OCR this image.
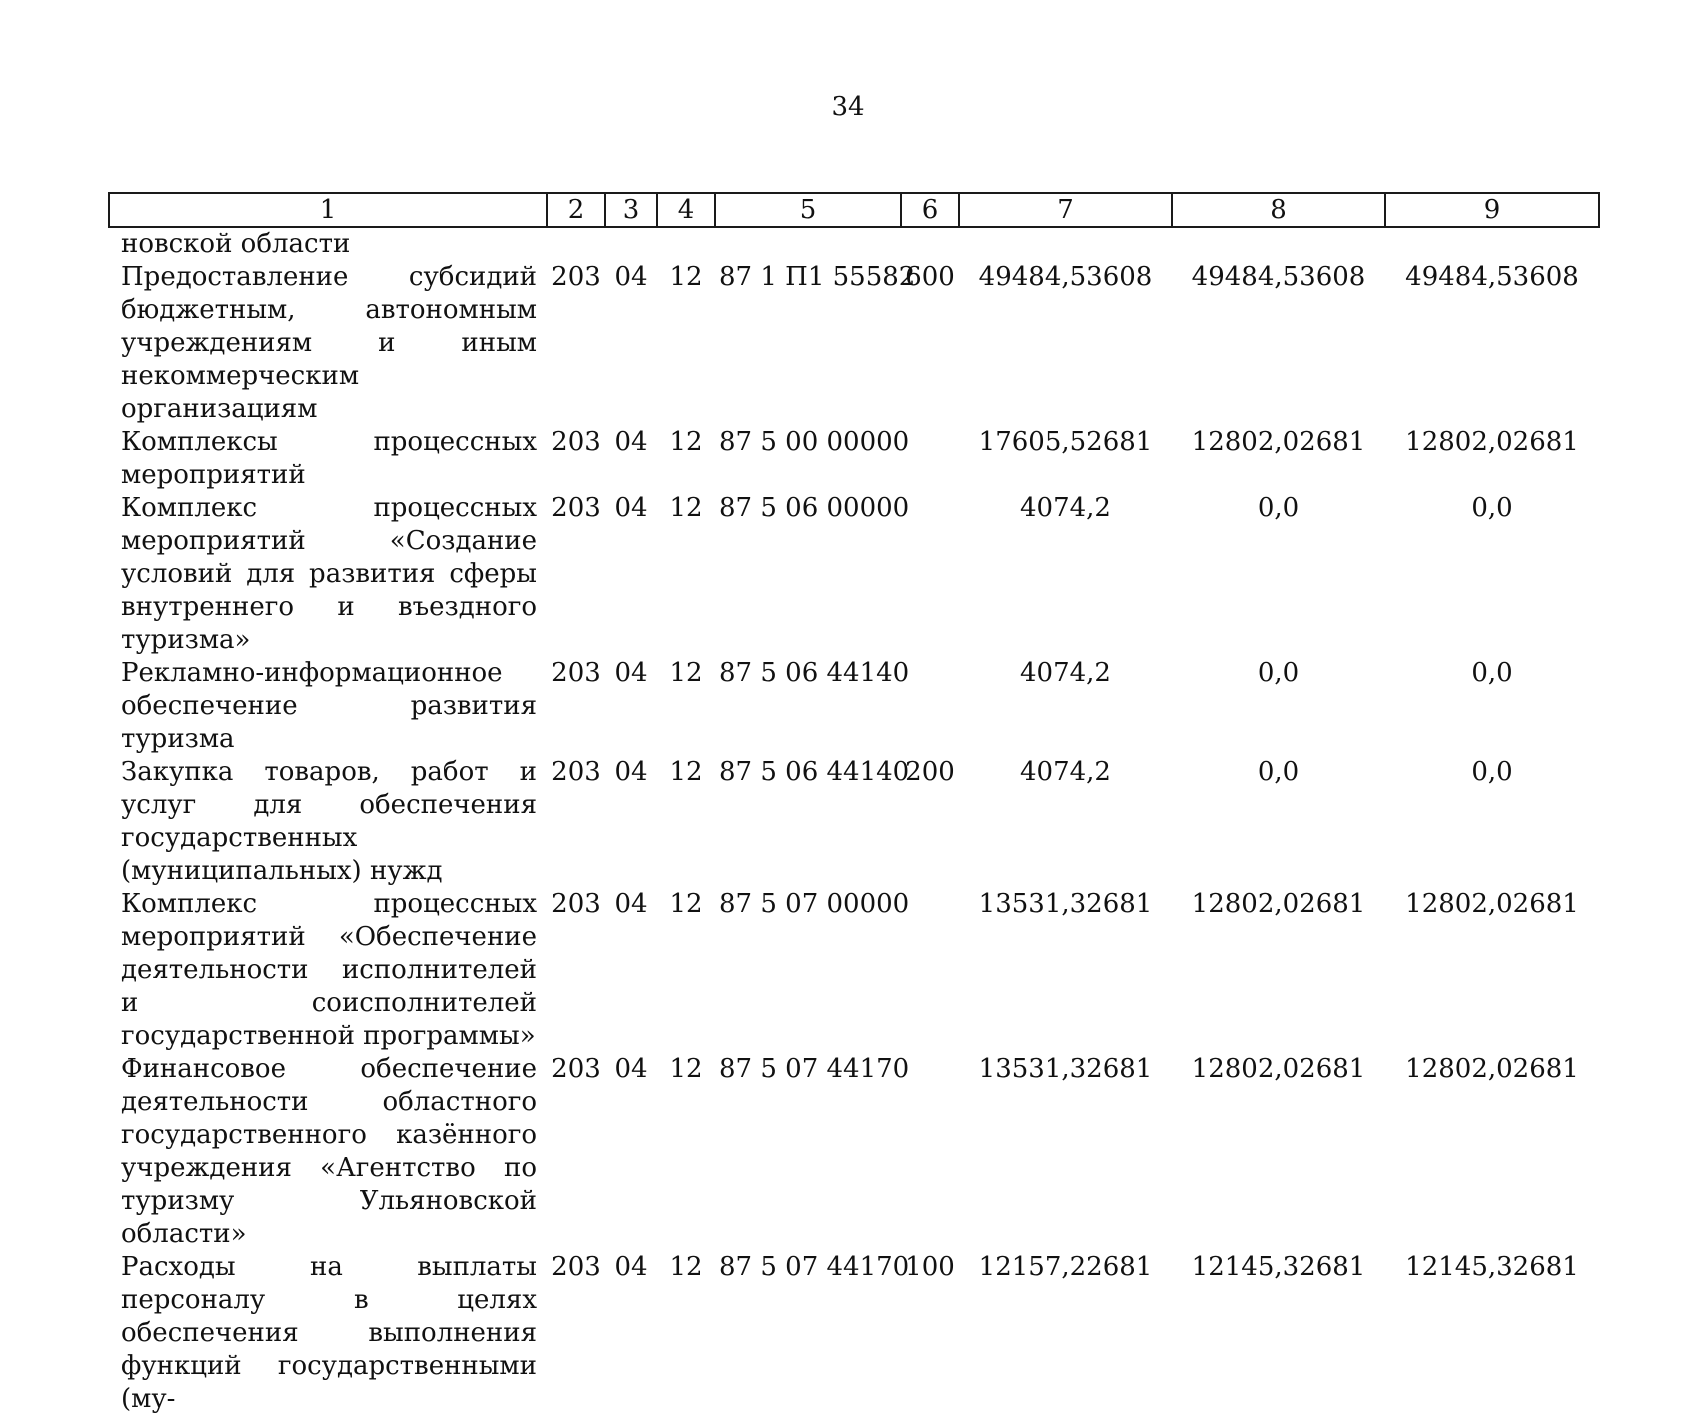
34
1	2	3	4	5	6	7	8	9
новской области								
Предоставление субсидий бюджетным, автономным учреждениям и иным некоммерческим организациям	203	04	12	87 1 П1 55582	600	49484,53608	49484,53608	49484,53608
Комплексы процессных мероприятий	203	04	12	87 5 00 00000		17605,52681	12802,02681	12802,02681
Комплекс процессных мероприятий «Создание условий для развития сферы внутреннего и въездного туризма»	203	04	12	87 5 06 00000		4074,2	0,0	0,0
Рекламно-информационное обеспечение развития туризма	203	04	12	87 5 06 44140		4074,2	0,0	0,0
Закупка товаров, работ и услуг для обеспечения государственных (муниципальных) нужд	203	04	12	87 5 06 44140	200	4074,2	0,0	0,0
Комплекс процессных мероприятий «Обеспечение деятельности исполнителей и соисполнителей государственной программы»	203	04	12	87 5 07 00000		13531,32681	12802,02681	12802,02681
Финансовое обеспечение деятельности областного государственного казённого учреждения «Агентство по туризму Ульяновской области»	203	04	12	87 5 07 44170		13531,32681	12802,02681	12802,02681
Расходы на выплаты персоналу в целях обеспечения выполнения функций государственными (му-	203	04	12	87 5 07 44170	100	12157,22681	12145,32681	12145,32681
